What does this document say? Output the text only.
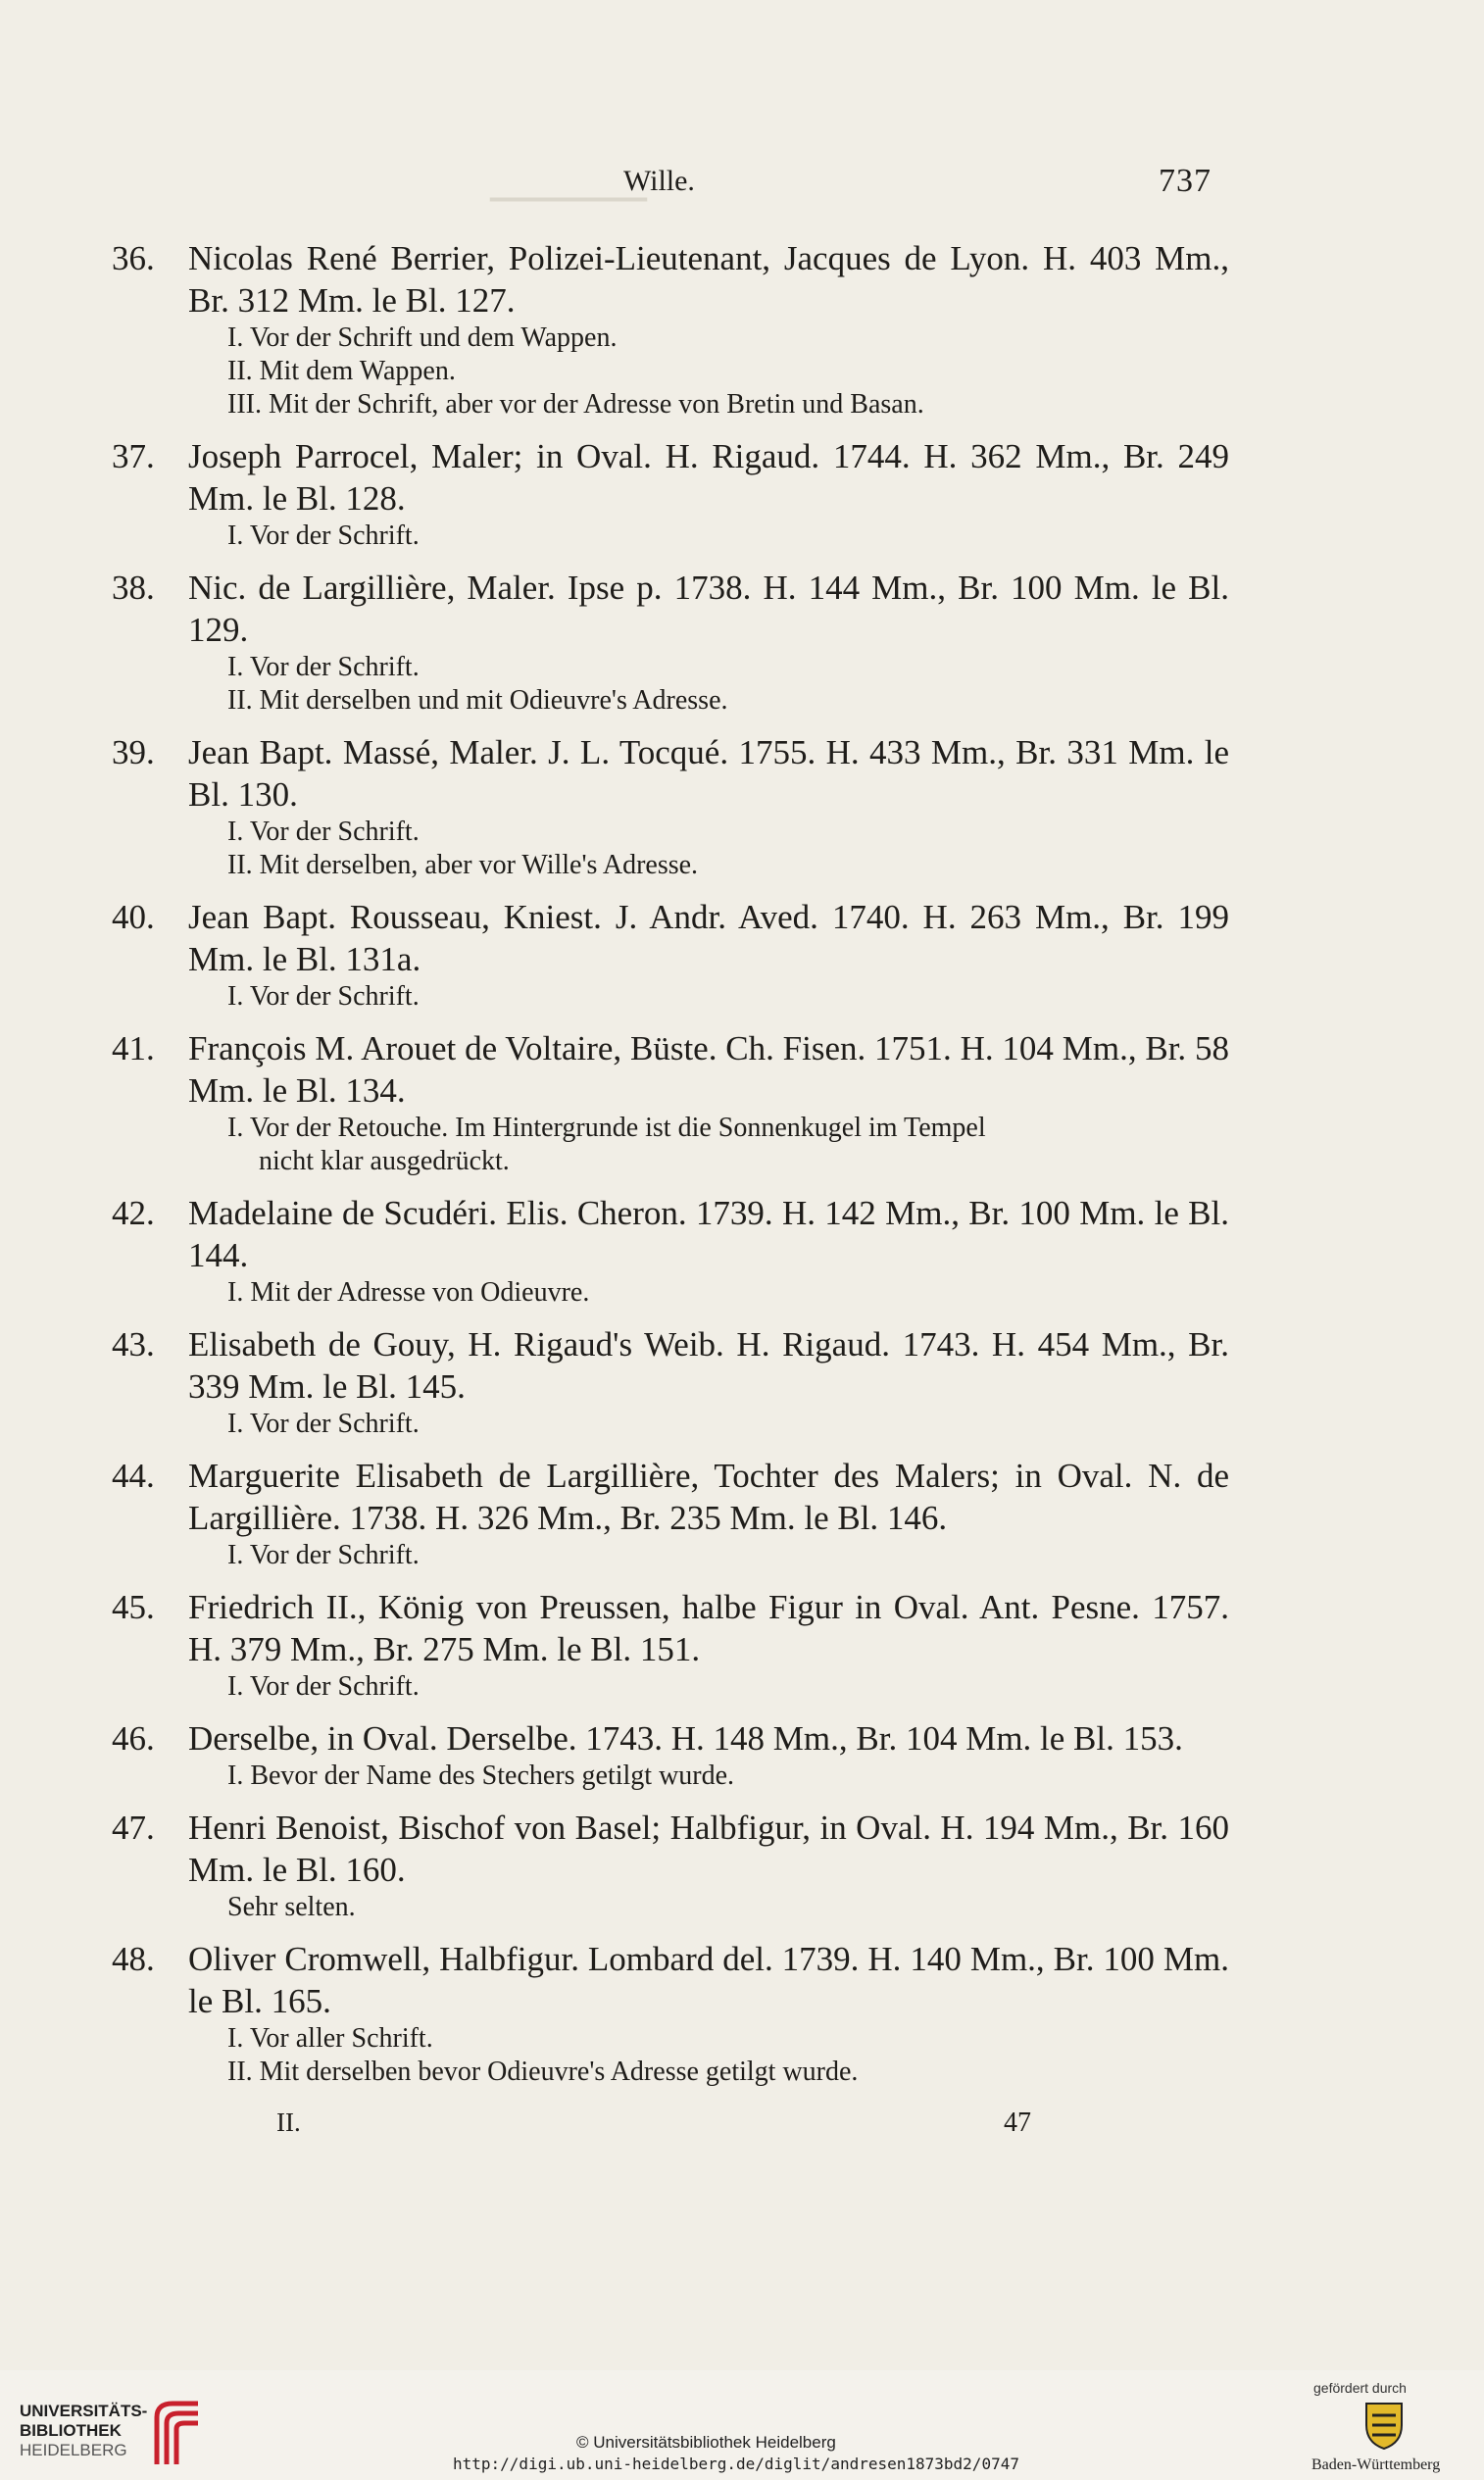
▁▁▁▁▁▁▁▁
Wille.	737
36. Nicolas René Berrier, Polizei-Lieutenant, Jacques de Lyon. H. 403 Mm., Br. 312 Mm. le Bl. 127.
I. Vor der Schrift und dem Wappen.
II. Mit dem Wappen.
III. Mit der Schrift, aber vor der Adresse von Bretin und Basan.
37. Joseph Parrocel, Maler; in Oval. H. Rigaud. 1744. H. 362 Mm., Br. 249 Mm. le Bl. 128.
I. Vor der Schrift.
38. Nic. de Largillière, Maler. Ipse p. 1738. H. 144 Mm., Br. 100 Mm. le Bl. 129.
I. Vor der Schrift.
II. Mit derselben und mit Odieuvre's Adresse.
39. Jean Bapt. Massé, Maler. J. L. Tocqué. 1755. H. 433 Mm., Br. 331 Mm. le Bl. 130.
I. Vor der Schrift.
II. Mit derselben, aber vor Wille's Adresse.
40. Jean Bapt. Rousseau, Kniest. J. Andr. Aved. 1740. H. 263 Mm., Br. 199 Mm. le Bl. 131a.
I. Vor der Schrift.
41. François M. Arouet de Voltaire, Büste. Ch. Fisen. 1751. H. 104 Mm., Br. 58 Mm. le Bl. 134.
I. Vor der Retouche. Im Hintergrunde ist die Sonnenkugel im Tempel
nicht klar ausgedrückt.
42. Madelaine de Scudéri. Elis. Cheron. 1739. H. 142 Mm., Br. 100 Mm. le Bl. 144.
I. Mit der Adresse von Odieuvre.
43. Elisabeth de Gouy, H. Rigaud's Weib. H. Rigaud. 1743. H. 454 Mm., Br. 339 Mm. le Bl. 145.
I. Vor der Schrift.
44. Marguerite Elisabeth de Largillière, Tochter des Malers; in Oval. N. de Largillière. 1738. H. 326 Mm., Br. 235 Mm. le Bl. 146.
I. Vor der Schrift.
45. Friedrich II., König von Preussen, halbe Figur in Oval. Ant. Pesne. 1757. H. 379 Mm., Br. 275 Mm. le Bl. 151.
I. Vor der Schrift.
46. Derselbe, in Oval. Derselbe. 1743. H. 148 Mm., Br. 104 Mm. le Bl. 153.
I. Bevor der Name des Stechers getilgt wurde.
47. Henri Benoist, Bischof von Basel; Halbfigur, in Oval. H. 194 Mm., Br. 160 Mm. le Bl. 160.
Sehr selten.
48. Oliver Cromwell, Halbfigur. Lombard del. 1739. H. 140 Mm., Br. 100 Mm. le Bl. 165.
I. Vor aller Schrift.
II. Mit derselben bevor Odieuvre's Adresse getilgt wurde.
II.	47
UNIVERSITÄTS-
BIBLIOTHEK
HEIDELBERG	© Universitätsbibliothek Heidelberg
http://digi.ub.uni-heidelberg.de/diglit/andresen1873bd2/0747
gefördert durch
Baden-Württemberg
